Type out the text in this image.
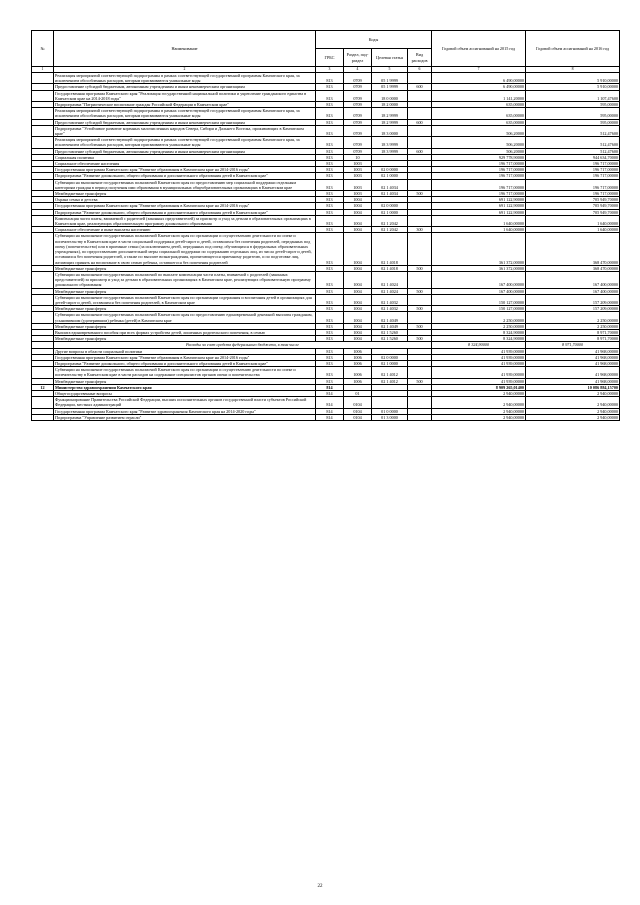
№	Наименование	Коды				Годовой объем ассигнований на 2015 год	Годовой объем ассигнований на 2016 год
		ГРБС	Раздел, под-раздел	Целевая статья	Вид расходов		
1	2	3	4	5	6	7	8
	Реализация мероприятий соответствующей подпрограммы в рамках соответствующей государственной программы Камчатского края, за исключением обособленных расходов, которым присваиваются уникальные коды	813	0709	05 1 9999		6 490,00000	5 910,00000
	Предоставление субсидий бюджетным, автономным учреждениям и иным некоммерческим организациям	813	0709	05 1 9999	600	6 490,00000	5 910,00000
	Государственная программа Камчатского края "Реализация государственной национальной политики и укрепление гражданского единства в Камчатском крае на 2014-2018 годы"	813	0709	18 0 0000		1 141,20000	1 107,47600
	Подпрограмма "Патриотическое воспитание граждан Российской Федерации в Камчатском крае"	813	0709	18 2 0000		635,00000	595,00000
	Реализация мероприятий соответствующей подпрограммы в рамках соответствующей государственной программы Камчатского края, за исключением обособленных расходов, которым присваиваются уникальные коды	813	0709	18 2 9999		635,00000	595,00000
	Предоставление субсидий бюджетным, автономным учреждениям и иным некоммерческим организациям	813	0709	18 2 9999	600	635,00000	595,00000
	Подпрограмма "Устойчивое развитие коренных малочисленных народов Севера, Сибири и Дальнего Востока, проживающих в Камчатском крае"	813	0709	18 3 0000		506,20000	512,47600
	Реализация мероприятий соответствующей подпрограммы в рамках соответствующей государственной программы Камчатского края, за исключением обособленных расходов, которым присваиваются уникальные коды	813	0709	18 3 9999		506,20000	512,47600
	Предоставление субсидий бюджетным, автономным учреждениям и иным некоммерческим организациям	813	0709	18 3 9999	600	506,20000	512,47600
	Социальная политика	813	10			929 778,90000	944 634,70000
	Социальное обеспечение населения	813	1003			196 717,00000	196 717,00000
	Государственная программа Камчатского края "Развитие образования в Камчатском крае на 2014-2016 годы"	813	1003	02 0 0000		196 717,00000	196 717,00000
	Подпрограмма "Развитие дошкольного, общего образования и дополнительного образования детей в Камчатском крае"	813	1003	02 1 0000		196 717,00000	196 717,00000
	Субвенции на выполнение государственных полномочий Камчатского края по предоставлению мер социальной поддержки отдельным категориям граждан в период получения ими образования в муниципальных общеобразовательных организациях в Камчатском крае	813	1003	02 1 4034		196 717,00000	196 717,00000
	Межбюджетные трансферты	813	1003	02 1 4034	500	196 717,00000	196 717,00000
	Охрана семьи и детства	813	1004			691 122,90000	705 949,70000
	Государственная программа Камчатского края "Развитие образования в Камчатском крае на 2014-2016 годы"	813	1004	02 0 0000		691 122,90000	705 949,70000
	Подпрограмма "Развитие дошкольного, общего образования и дополнительного образования детей в Камчатском крае"	813	1004	02 1 0000		691 122,90000	705 949,70000
	Компенсация части платы, взимаемой с родителей (законных представителей) за присмотр и уход за детьми в образовательных организациях в Камчатском крае, реализующих образовательную программу дошкольного образования	813	1004	02 1 2042		1 640,00000	1 640,00000
	Социальное обеспечение и иные выплаты населению	813	1004	02 1 2042	300	1 640,00000	1 640,00000
	Субвенции на выполнение государственных полномочий Камчатского края по организации и осуществлению деятельности по опеке и попечительству в Камчатском крае в части социальной поддержки детей-сирот и детей, оставшихся без попечения родителей, переданных под опеку (попечительство) или в приемные семьи (за исключением детей, переданных под опеку, обучающихся в федеральных образовательных учреждениях), по предоставлению дополнительной меры социальной поддержки по содержанию отдельных лиц, из числа детей-сирот и детей, оставшихся без попечения родителей, а также по выплате вознаграждения, причитающегося приемному родителю, и по подготовке лиц, желающих принять на воспитание в свою семью ребенка, оставшегося без попечения родителей	813	1004	02 1 4018		361 372,00000	368 470,00000
	Межбюджетные трансферты	813	1004	02 1 4018	500	361 372,00000	368 470,00000
	Субвенции на выполнение государственных полномочий по выплате компенсации части платы, взимаемой с родителей (законных представителей) за присмотр и уход за детьми в образовательных организациях в Камчатском крае, реализующих образовательную программу дошкольного образования	813	1004	02 1 4024		167 400,00000	167 400,00000
	Межбюджетные трансферты	813	1004	02 1 4024	500	167 400,00000	167 400,00000
	Субвенции на выполнение государственных полномочий Камчатского края по организации содержания и воспитания детей в организациях для детей-сирот и детей, оставшихся без попечения родителей, в Камчатском крае	813	1004	02 1 4032		150 127,00000	157 209,00000
	Межбюджетные трансферты	813	1004	02 1 4032	500	150 127,00000	157 209,00000
	Субвенции на выполнение государственных полномочий Камчатского края по предоставлению единовременной денежной выплаты гражданам, усыновившим (удочерившим) ребенка (детей) в Камчатском крае	813	1004	02 1 4049		2 250,00000	2 250,00000
	Межбюджетные трансферты	813	1004	02 1 4049	500	2 250,00000	2 250,00000
	Выплата единовременного пособия при всех формах устройства детей, лишенных родительского попечения, в семью	813	1004	02 1 5260		8 324,90000	8 971,70000
	Межбюджетные трансферты	813	1004	02 1 5260	500	8 324,90000	8 971,70000
	Расходы за счет средств федерального бюджета, в том числе					8 324,90000	8 971,70000
	Другие вопросы в области социальной политики	813	1006			41 939,00000	41 968,00000
	Государственная программа Камчатского края "Развитие образования в Камчатском крае на 2014-2016 годы"	813	1006	02 0 0000		41 939,00000	41 968,00000
	Подпрограмма "Развитие дошкольного, общего образования и дополнительного образования детей в Камчатском крае"	813	1006	02 1 0000		41 939,00000	41 968,00000
	Субвенции на выполнение государственных полномочий Камчатского края по организации и осуществлению деятельности по опеке и попечительству в Камчатском крае в части расходов на содержание специалистов органов опеки и попечительства	813	1006	02 1 4012		41 939,00000	41 968,00000
	Межбюджетные трансферты	813	1006	02 1 4012	500	41 939,00000	41 968,00000
12	Министерство здравоохранения Камчатского края	814				8 909 265,01400	10 086 884,15700
	Общегосударственные вопросы	814	01			2 940,00000	2 940,00000
	Функционирование Правительства Российской Федерации, высших исполнительных органов государственной власти субъектов Российской Федерации, местных администраций	814	0104			2 940,00000	2 940,00000
	Государственная программа Камчатского края "Развитие здравоохранения Камчатского края на 2014-2020 годы"	814	0104	01 0 0000		2 940,00000	2 940,00000
	Подпрограмма "Управление развитием отрасли"	814	0104	01 3 0000		2 940,00000	2 940,00000
22
